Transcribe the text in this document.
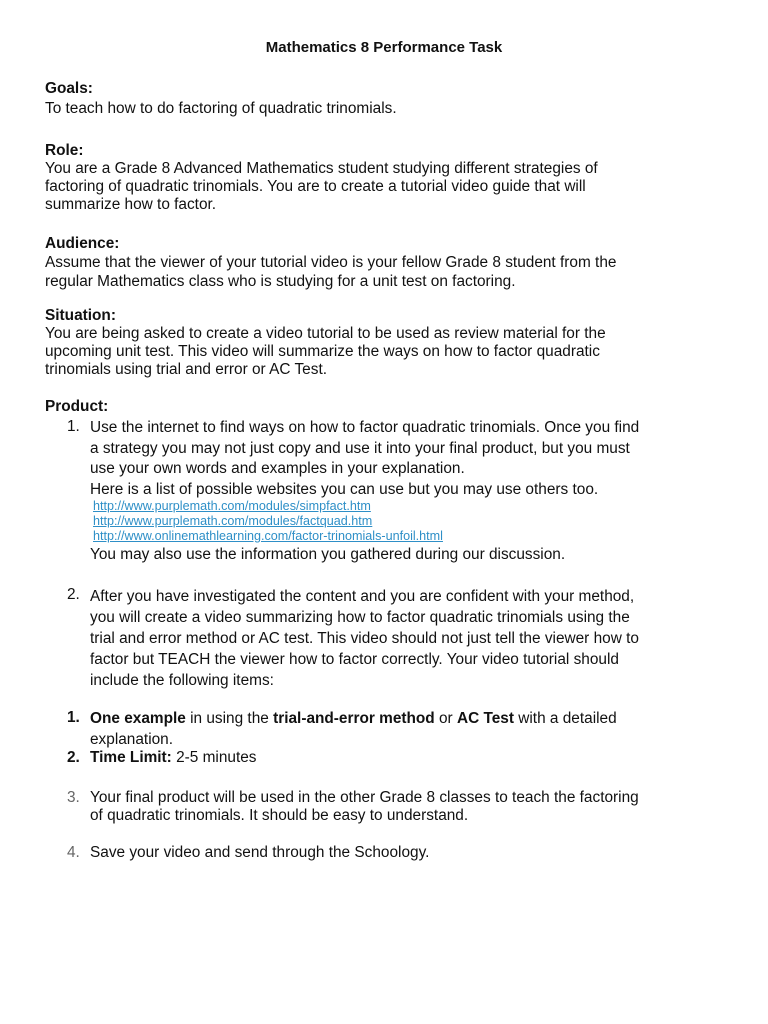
Mathematics 8 Performance Task
Goals:
To teach how to do factoring of quadratic trinomials.
Role:
You are a Grade 8 Advanced Mathematics student studying different strategies of
factoring of quadratic trinomials. You are to create a tutorial video guide that will
summarize how to factor.
Audience:
Assume that the viewer of your tutorial video is your fellow Grade 8 student from the
regular Mathematics class who is studying for a unit test on factoring.
Situation:
You are being asked to create a video tutorial to be used as review material for the
upcoming unit test. This video will summarize the ways on how to factor quadratic
trinomials using trial and error or AC Test.
Product:
1. Use the internet to find ways on how to factor quadratic trinomials. Once you find
a strategy you may not just copy and use it into your final product, but you must
use your own words and examples in your explanation.
Here is a list of possible websites you can use but you may use others too.
http://www.purplemath.com/modules/simpfact.htm
http://www.purplemath.com/modules/factquad.htm
http://www.onlinemathlearning.com/factor-trinomials-unfoil.html
You may also use the information you gathered during our discussion.
2. After you have investigated the content and you are confident with your method,
you will create a video summarizing how to factor quadratic trinomials using the
trial and error method or AC test. This video should not just tell the viewer how to
factor but TEACH the viewer how to factor correctly. Your video tutorial should
include the following items:
1. One example in using the trial-and-error method or AC Test with a detailed
explanation.
2. Time Limit: 2-5 minutes
3. Your final product will be used in the other Grade 8 classes to teach the factoring
of quadratic trinomials. It should be easy to understand.
4. Save your video and send through the Schoology.
